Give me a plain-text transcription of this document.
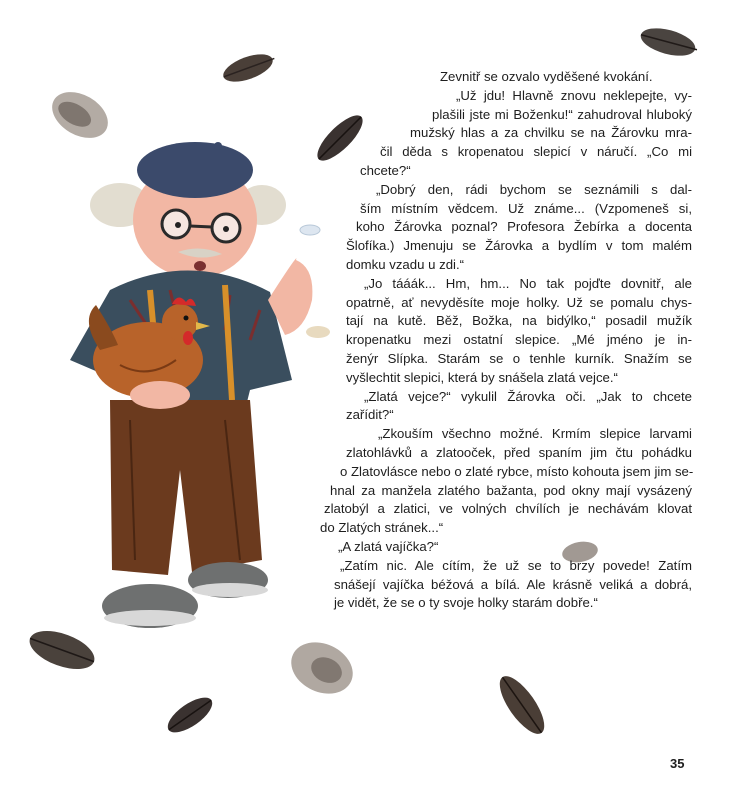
Zevnitř se ozvalo vyděšené kvokání.
„Už jdu! Hlavně znovu neklepejte, vy-
plašili jste mi Boženku!“ zahudroval hluboký
mužský hlas a za chvilku se na Žárovku mra-
čil děda s kropenatou slepicí v náručí. „Co mi
chcete?“
„Dobrý den, rádi bychom se seznámili s dal-
ším místním vědcem. Už známe... (Vzpomeneš si,
koho Žárovka poznal? Profesora Žebírka a docenta
Šlofíka.) Jmenuju se Žárovka a bydlím v tom malém
domku vzadu u zdi.“
„Jo tááák... Hm, hm... No tak pojďte dovnitř, ale
opatrně, ať nevyděsíte moje holky. Už se pomalu chys-
tají na kutě. Běž, Božka, na bidýlko,“ posadil mužík
kropenatku mezi ostatní slepice. „Mé jméno je in-
ženýr Slípka. Starám se o tenhle kurník. Snažím se
vyšlechtit slepici, která by snášela zlatá vejce.“
„Zlatá vejce?“ vykulil Žárovka oči. „Jak to chcete
zařídit?“
„Zkouším všechno možné. Krmím slepice larvami
zlatohlávků a zlatooček, před spaním jim čtu pohádku
o Zlatovlásce nebo o zlaté rybce, místo kohouta jsem jim se-
hnal za manžela zlatého bažanta, pod okny mají vysázený
zlatobýl a zlatici, ve volných chvílích je nechávám klovat
do Zlatých stránek...“
„A zlatá vajíčka?“
„Zatím nic. Ale cítím, že už se to brzy povede! Zatím
snášejí vajíčka béžová a bílá. Ale krásně veliká a dobrá,
je vidět, že se o ty svoje holky starám dobře.“
35
